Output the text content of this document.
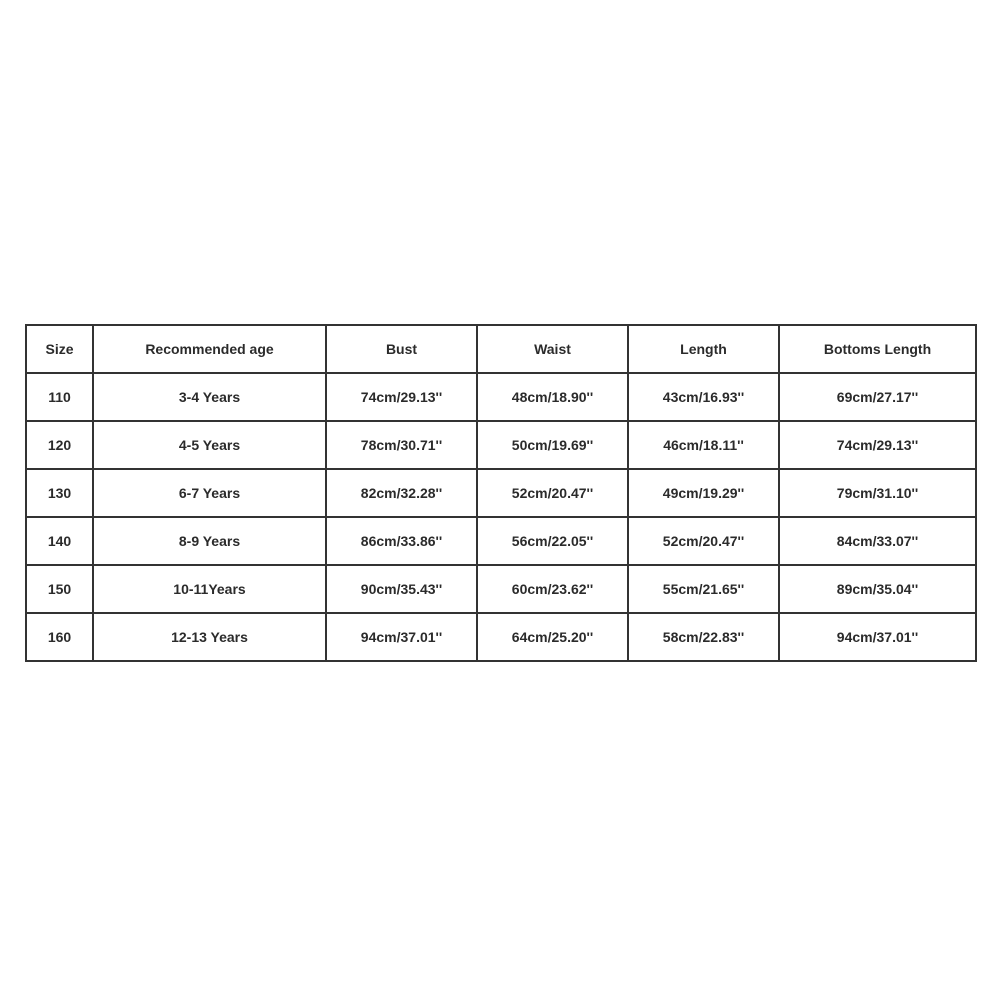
Size	Recommended age	Bust	Waist	Length	Bottoms Length
110	3-4 Years	74cm/29.13''	48cm/18.90''	43cm/16.93''	69cm/27.17''
120	4-5 Years	78cm/30.71''	50cm/19.69''	46cm/18.11''	74cm/29.13''
130	6-7 Years	82cm/32.28''	52cm/20.47''	49cm/19.29''	79cm/31.10''
140	8-9 Years	86cm/33.86''	56cm/22.05''	52cm/20.47''	84cm/33.07''
150	10-11Years	90cm/35.43''	60cm/23.62''	55cm/21.65''	89cm/35.04''
160	12-13 Years	94cm/37.01''	64cm/25.20''	58cm/22.83''	94cm/37.01''
